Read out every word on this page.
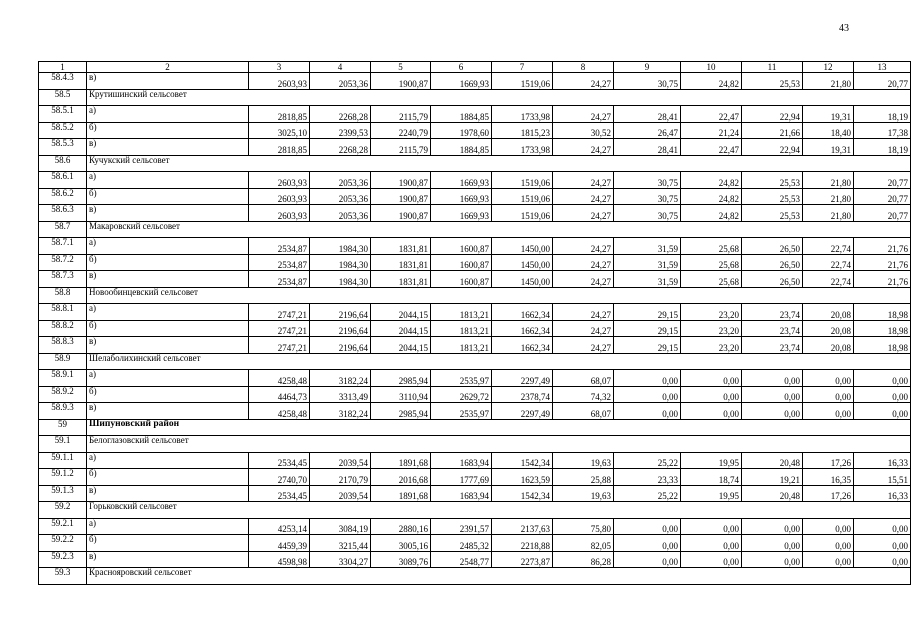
43
1	2	3	4	5	6	7	8	9	10	11	12	13
58.4.3	в)	2603,93	2053,36	1900,87	1669,93	1519,06	24,27	30,75	24,82	25,53	21,80	20,77
58.5	Крутишинский сельсовет											
58.5.1	а)	2818,85	2268,28	2115,79	1884,85	1733,98	24,27	28,41	22,47	22,94	19,31	18,19
58.5.2	б)	3025,10	2399,53	2240,79	1978,60	1815,23	30,52	26,47	21,24	21,66	18,40	17,38
58.5.3	в)	2818,85	2268,28	2115,79	1884,85	1733,98	24,27	28,41	22,47	22,94	19,31	18,19
58.6	Кучукский сельсовет											
58.6.1	а)	2603,93	2053,36	1900,87	1669,93	1519,06	24,27	30,75	24,82	25,53	21,80	20,77
58.6.2	б)	2603,93	2053,36	1900,87	1669,93	1519,06	24,27	30,75	24,82	25,53	21,80	20,77
58.6.3	в)	2603,93	2053,36	1900,87	1669,93	1519,06	24,27	30,75	24,82	25,53	21,80	20,77
58.7	Макаровский сельсовет											
58.7.1	а)	2534,87	1984,30	1831,81	1600,87	1450,00	24,27	31,59	25,68	26,50	22,74	21,76
58.7.2	б)	2534,87	1984,30	1831,81	1600,87	1450,00	24,27	31,59	25,68	26,50	22,74	21,76
58.7.3	в)	2534,87	1984,30	1831,81	1600,87	1450,00	24,27	31,59	25,68	26,50	22,74	21,76
58.8	Новообинцевский сельсовет											
58.8.1	а)	2747,21	2196,64	2044,15	1813,21	1662,34	24,27	29,15	23,20	23,74	20,08	18,98
58.8.2	б)	2747,21	2196,64	2044,15	1813,21	1662,34	24,27	29,15	23,20	23,74	20,08	18,98
58.8.3	в)	2747,21	2196,64	2044,15	1813,21	1662,34	24,27	29,15	23,20	23,74	20,08	18,98
58.9	Шелаболихинский сельсовет											
58.9.1	а)	4258,48	3182,24	2985,94	2535,97	2297,49	68,07	0,00	0,00	0,00	0,00	0,00
58.9.2	б)	4464,73	3313,49	3110,94	2629,72	2378,74	74,32	0,00	0,00	0,00	0,00	0,00
58.9.3	в)	4258,48	3182,24	2985,94	2535,97	2297,49	68,07	0,00	0,00	0,00	0,00	0,00
59	Шипуновский район											
59.1	Белоглазовский сельсовет											
59.1.1	а)	2534,45	2039,54	1891,68	1683,94	1542,34	19,63	25,22	19,95	20,48	17,26	16,33
59.1.2	б)	2740,70	2170,79	2016,68	1777,69	1623,59	25,88	23,33	18,74	19,21	16,35	15,51
59.1.3	в)	2534,45	2039,54	1891,68	1683,94	1542,34	19,63	25,22	19,95	20,48	17,26	16,33
59.2	Горьковский сельсовет											
59.2.1	а)	4253,14	3084,19	2880,16	2391,57	2137,63	75,80	0,00	0,00	0,00	0,00	0,00
59.2.2	б)	4459,39	3215,44	3005,16	2485,32	2218,88	82,05	0,00	0,00	0,00	0,00	0,00
59.2.3	в)	4598,98	3304,27	3089,76	2548,77	2273,87	86,28	0,00	0,00	0,00	0,00	0,00
59.3	Краснояровский сельсовет											
